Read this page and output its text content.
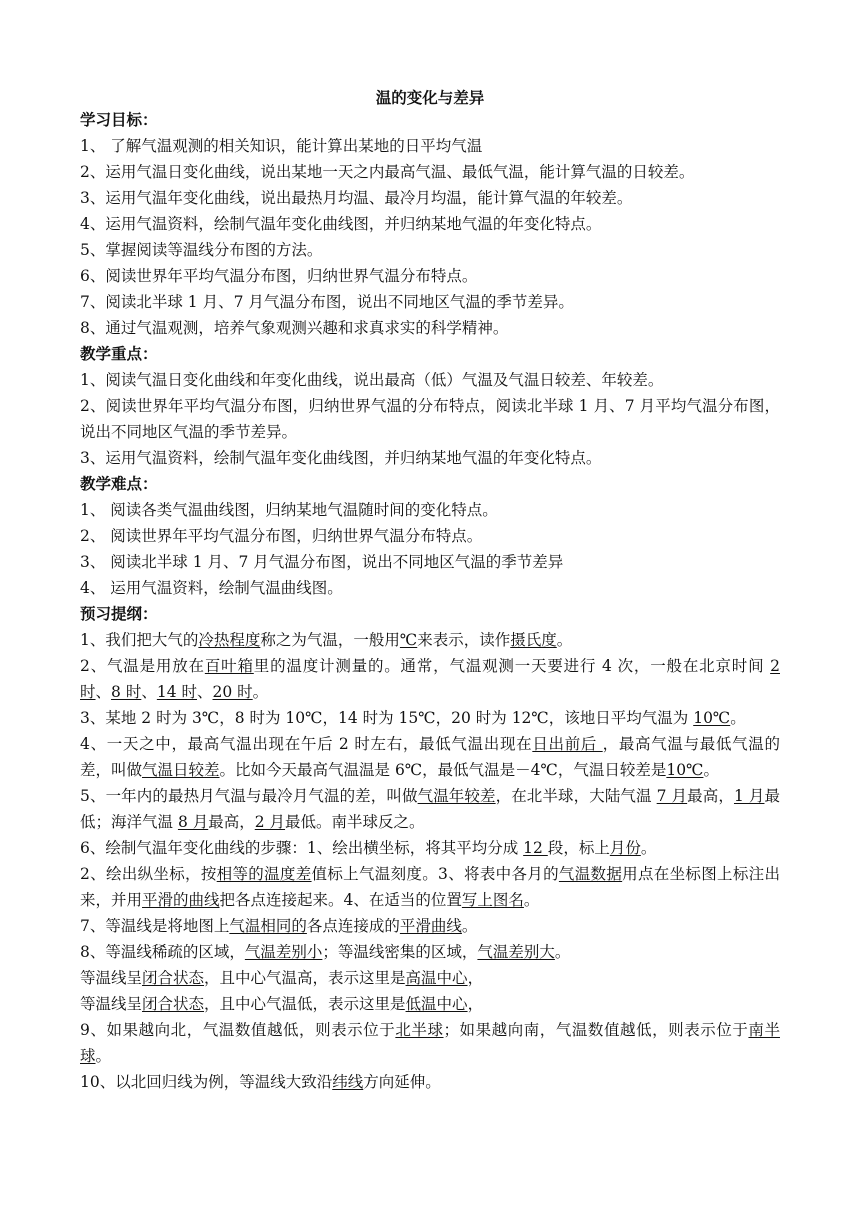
温的变化与差异

学习目标：

1、 了解气温观测的相关知识，能计算出某地的日平均气温

2、运用气温日变化曲线，说出某地一天之内最高气温、最低气温，能计算气温的日较差。

3、运用气温年变化曲线，说出最热月均温、最冷月均温，能计算气温的年较差。

4、运用气温资料，绘制气温年变化曲线图，并归纳某地气温的年变化特点。

5、掌握阅读等温线分布图的方法。

6、阅读世界年平均气温分布图，归纳世界气温分布特点。

7、阅读北半球 1 月、7 月气温分布图，说出不同地区气温的季节差异。

8、通过气温观测，培养气象观测兴趣和求真求实的科学精神。

教学重点：

1、阅读气温日变化曲线和年变化曲线，说出最高（低）气温及气温日较差、年较差。

2、阅读世界年平均气温分布图，归纳世界气温的分布特点，阅读北半球 1 月、7 月平均气温分布图，说出不同地区气温的季节差异。

3、运用气温资料，绘制气温年变化曲线图，并归纳某地气温的年变化特点。

教学难点：

1、 阅读各类气温曲线图，归纳某地气温随时间的变化特点。

2、 阅读世界年平均气温分布图，归纳世界气温分布特点。

3、 阅读北半球 1 月、7 月气温分布图，说出不同地区气温的季节差异

4、 运用气温资料，绘制气温曲线图。

预习提纲：

1、我们把大气的冷热程度称之为气温，一般用℃来表示，读作摄氏度。

2、气温是用放在百叶箱里的温度计测量的。通常，气温观测一天要进行 4 次，一般在北京时间 2 时、8 时、14 时、20 时。

3、某地 2 时为 3℃，8 时为 10℃，14 时为 15℃，20 时为 12℃，该地日平均气温为 10℃。

4、一天之中，最高气温出现在午后 2 时左右，最低气温出现在日出前后 ，最高气温与最低气温的差，叫做气温日较差。比如今天最高气温温是 6℃，最低气温是－4℃，气温日较差是10℃。

5、一年内的最热月气温与最冷月气温的差，叫做气温年较差，在北半球，大陆气温 7 月最高，1 月最低；海洋气温 8 月最高，2 月最低。南半球反之。

6、绘制气温年变化曲线的步骤：1、绘出横坐标，将其平均分成 12 段，标上月份。

2、绘出纵坐标，按相等的温度差值标上气温刻度。3、将表中各月的气温数据用点在坐标图上标注出来，并用平滑的曲线把各点连接起来。4、在适当的位置写上图名。

7、等温线是将地图上气温相同的各点连接成的平滑曲线。

8、等温线稀疏的区域，气温差别小；等温线密集的区域，气温差别大。

等温线呈闭合状态，且中心气温高，表示这里是高温中心，

等温线呈闭合状态，且中心气温低，表示这里是低温中心，

9、如果越向北，气温数值越低，则表示位于北半球；如果越向南，气温数值越低，则表示位于南半球。

10、以北回归线为例，等温线大致沿纬线方向延伸。
